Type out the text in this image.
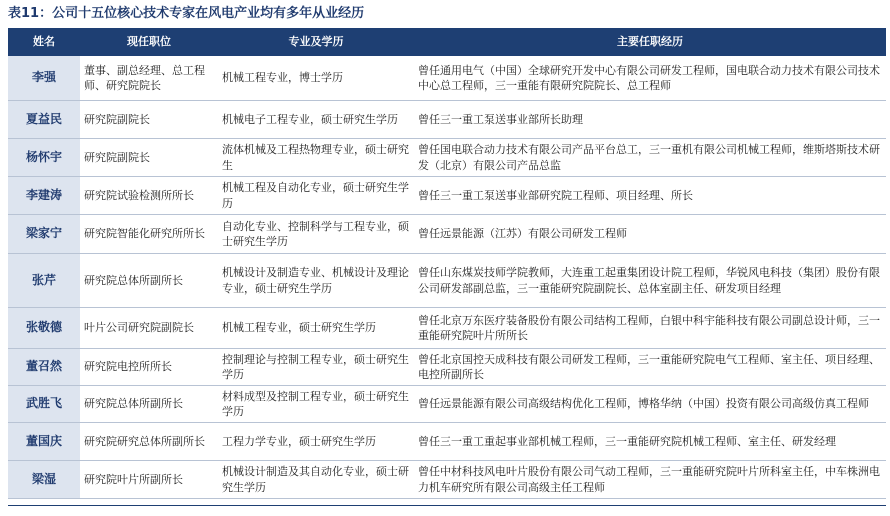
表11：公司十五位核心技术专家在风电产业均有多年从业经历
姓名	现任职位	专业及学历	主要任职经历
李强	董事、副总经理、总工程师、研究院院长	机械工程专业，博士学历	曾任通用电气（中国）全球研究开发中心有限公司研发工程师，国电联合动力技术有限公司技术中心总工程师，三一重能有限研究院院长、总工程师
夏益民	研究院副院长	机械电子工程专业，硕士研究生学历	曾任三一重工泵送事业部所长助理
杨怀宇	研究院副院长	流体机械及工程热物理专业，硕士研究生	曾任国电联合动力技术有限公司产品平台总工，三一重机有限公司机械工程师，维斯塔斯技术研发（北京）有限公司产品总监
李建涛	研究院试验检测所所长	机械工程及自动化专业，硕士研究生学历	曾任三一重工泵送事业部研究院工程师、项目经理、所长
梁家宁	研究院智能化研究所所长	自动化专业、控制科学与工程专业，硕士研究生学历	曾任远景能源（江苏）有限公司研发工程师
张芹	研究院总体所副所长	机械设计及制造专业、机械设计及理论专业，硕士研究生学历	曾任山东煤炭技师学院教师，大连重工起重集团设计院工程师，华锐风电科技（集团）股份有限公司研发部副总监，三一重能研究院副院长、总体室副主任、研发项目经理
张敬德	叶片公司研究院副院长	机械工程专业，硕士研究生学历	曾任北京万东医疗装备股份有限公司结构工程师，白银中科宇能科技有限公司副总设计师，三一重能研究院叶片所所长
董召然	研究院电控所所长	控制理论与控制工程专业，硕士研究生学历	曾任北京国控天成科技有限公司研发工程师，三一重能研究院电气工程师、室主任、项目经理、电控所副所长
武胜飞	研究院总体所副所长	材料成型及控制工程专业，硕士研究生学历	曾任远景能源有限公司高级结构优化工程师，博格华纳（中国）投资有限公司高级仿真工程师
董国庆	研究院研究总体所副所长	工程力学专业，硕士研究生学历	曾任三一重工重起事业部机械工程师，三一重能研究院机械工程师、室主任、研发经理
梁湿	研究院叶片所副所长	机械设计制造及其自动化专业，硕士研究生学历	曾任中材科技风电叶片股份有限公司气动工程师，三一重能研究院叶片所科室主任，中车株洲电力机车研究所有限公司高级主任工程师
